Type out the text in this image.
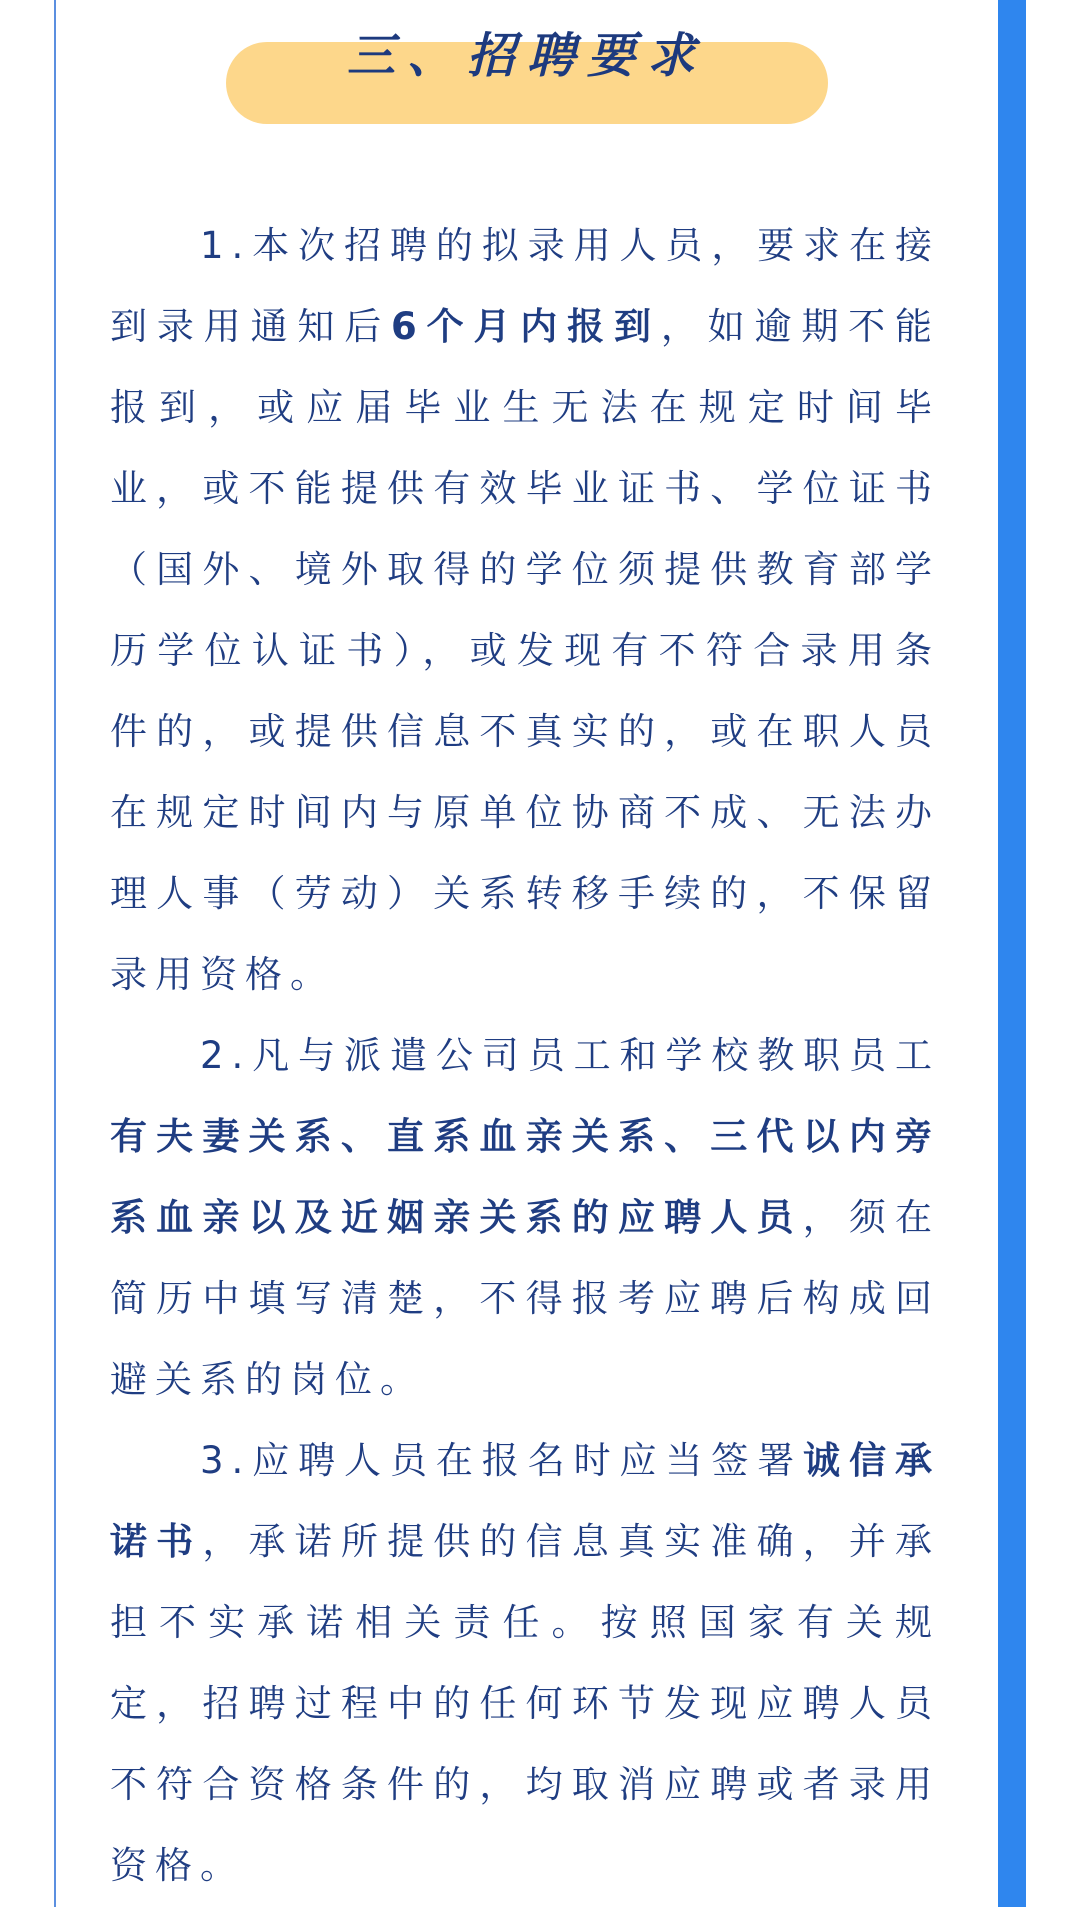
三、招聘要求

1.本次招聘的拟录用人员，要求在接到录用通知后6个月内报到，如逾期不能报到，或应届毕业生无法在规定时间毕业，或不能提供有效毕业证书、学位证书（国外、境外取得的学位须提供教育部学历学位认证书），或发现有不符合录用条件的，或提供信息不真实的，或在职人员在规定时间内与原单位协商不成、无法办理人事（劳动）关系转移手续的，不保留录用资格。

2.凡与派遣公司员工和学校教职员工有夫妻关系、直系血亲关系、三代以内旁系血亲以及近姻亲关系的应聘人员，须在简历中填写清楚，不得报考应聘后构成回避关系的岗位。

3.应聘人员在报名时应当签署诚信承诺书，承诺所提供的信息真实准确，并承担不实承诺相关责任。按照国家有关规定，招聘过程中的任何环节发现应聘人员不符合资格条件的，均取消应聘或者录用资格。
